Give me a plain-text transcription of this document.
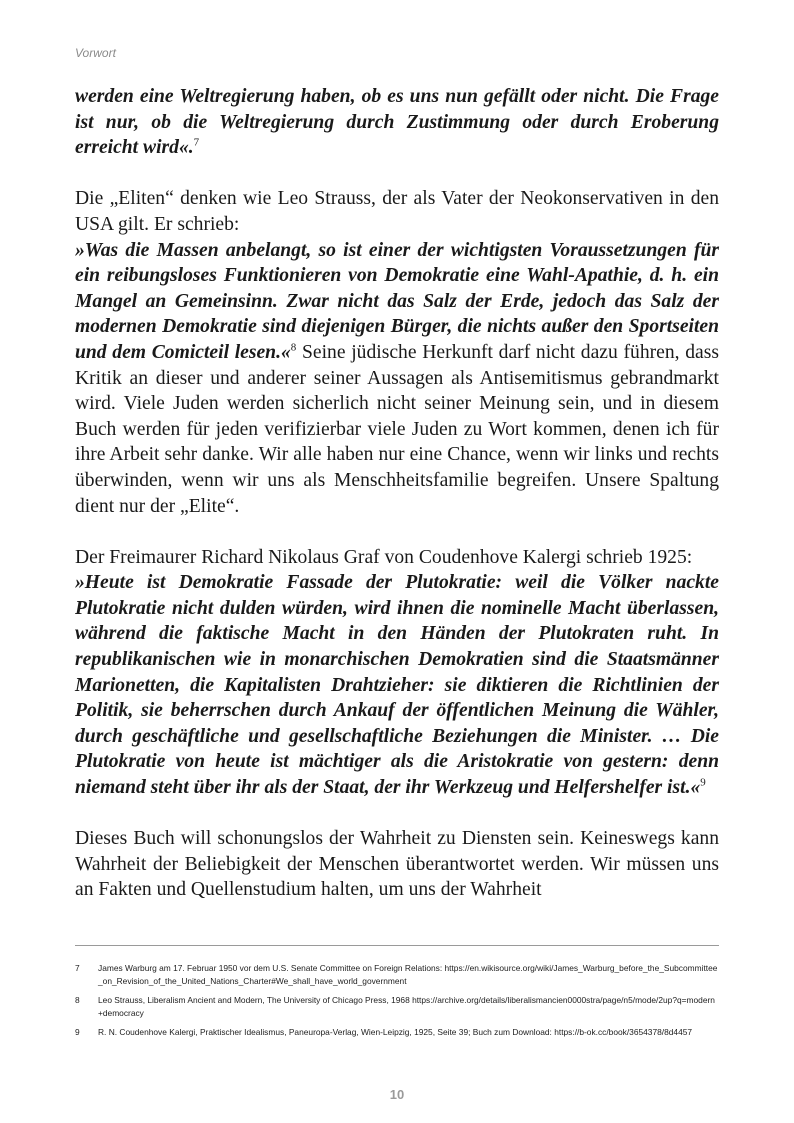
Vorwort

werden eine Weltregierung haben, ob es uns nun gefällt oder nicht. Die Frage ist nur, ob die Weltregierung durch Zustimmung oder durch Eroberung erreicht wird«.$^7$

Die „Eliten“ denken wie Leo Strauss, der als Vater der Neokonservativen in den USA gilt. Er schrieb:
»Was die Massen anbelangt, so ist einer der wichtigsten Voraussetzungen für ein reibungsloses Funktionieren von Demokratie eine Wahl-Apathie, d. h. ein Mangel an Gemeinsinn. Zwar nicht das Salz der Erde, jedoch das Salz der modernen Demokratie sind diejenigen Bürger, die nichts außer den Sportseiten und dem Comicteil lesen.«$^8$ Seine jüdische Herkunft darf nicht dazu führen, dass Kritik an dieser und anderer seiner Aussagen als Antisemitismus gebrandmarkt wird. Viele Juden werden sicherlich nicht seiner Meinung sein, und in diesem Buch werden für jeden verifizierbar viele Juden zu Wort kommen, denen ich für ihre Arbeit sehr danke. Wir alle haben nur eine Chance, wenn wir links und rechts überwinden, wenn wir uns als Menschheitsfamilie begreifen. Unsere Spaltung dient nur der „Elite“.

Der Freimaurer Richard Nikolaus Graf von Coudenhove Kalergi schrieb 1925:
»Heute ist Demokratie Fassade der Plutokratie: weil die Völker nackte Plutokratie nicht dulden würden, wird ihnen die nominelle Macht überlassen, während die faktische Macht in den Händen der Plutokraten ruht. In republikanischen wie in monarchischen Demokratien sind die Staatsmänner Marionetten, die Kapitalisten Drahtzieher: sie diktieren die Richtlinien der Politik, sie beherrschen durch Ankauf der öffentlichen Meinung die Wähler, durch geschäftliche und gesellschaftliche Beziehungen die Minister. … Die Plutokratie von heute ist mächtiger als die Aristokratie von gestern: denn niemand steht über ihr als der Staat, der ihr Werkzeug und Helfershelfer ist.«$^9$

Dieses Buch will schonungslos der Wahrheit zu Diensten sein. Keineswegs kann Wahrheit der Beliebigkeit der Menschen überantwortet werden. Wir müssen uns an Fakten und Quellenstudium halten, um uns der Wahrheit

7	James Warburg am 17. Februar 1950 vor dem U.S. Senate Committee on Foreign Relations: https://en.wikisource.org/wiki/James_Warburg_before_the_Subcommittee_on_Revision_of_the_United_Nations_Charter#We_shall_have_world_government
8	Leo Strauss, Liberalism Ancient and Modern, The University of Chicago Press, 1968 https://archive.org/details/liberalismancien0000stra/page/n5/mode/2up?q=modern+democracy
9	R. N. Coudenhove Kalergi, Praktischer Idealismus, Paneuropa-Verlag, Wien-Leipzig, 1925, Seite 39; Buch zum Download: https://b-ok.cc/book/3654378/8d4457
10
